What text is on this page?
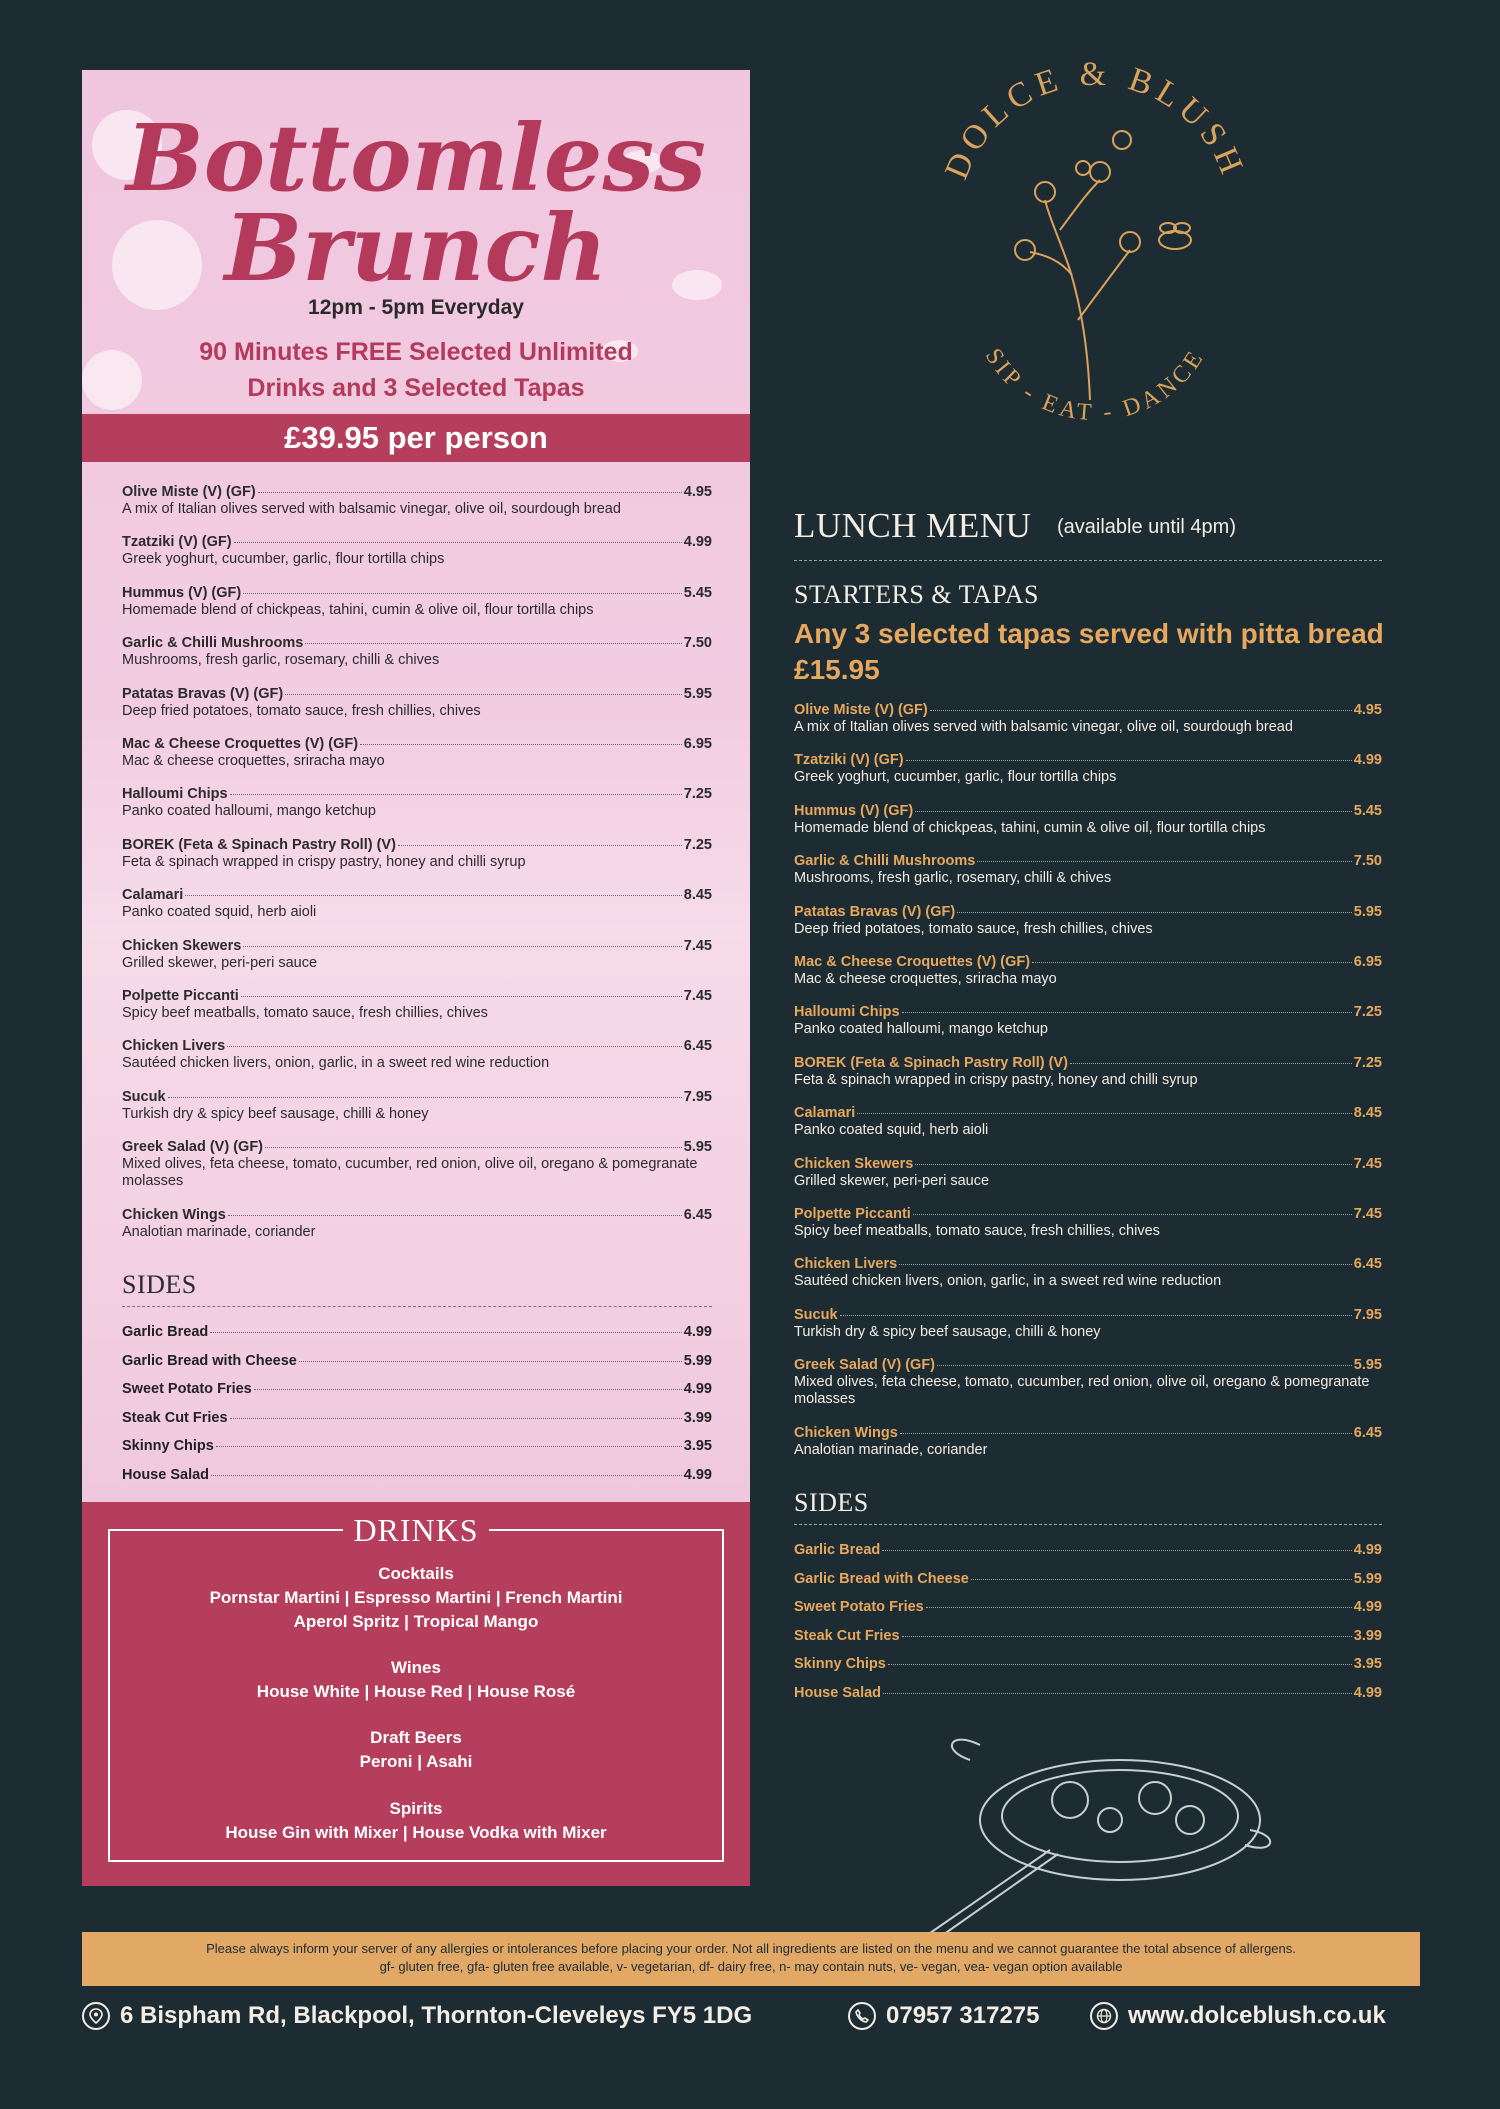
Bottomless
Brunch
12pm - 5pm Everyday
90 Minutes FREE Selected Unlimited
Drinks and 3 Selected Tapas
£39.95 per person
Olive Miste (V) (GF)	4.95
A mix of Italian olives served with balsamic vinegar, olive oil, sourdough bread
Tzatziki (V) (GF)	4.99
Greek yoghurt, cucumber, garlic, flour tortilla chips
Hummus (V) (GF)	5.45
Homemade blend of chickpeas, tahini, cumin & olive oil, flour tortilla chips
Garlic & Chilli Mushrooms	7.50
Mushrooms, fresh garlic, rosemary, chilli & chives
Patatas Bravas (V) (GF)	5.95
Deep fried potatoes, tomato sauce, fresh chillies, chives
Mac & Cheese Croquettes (V) (GF)	6.95
Mac & cheese croquettes, sriracha mayo
Halloumi Chips	7.25
Panko coated halloumi, mango ketchup
BOREK (Feta & Spinach Pastry Roll) (V)	7.25
Feta & spinach wrapped in crispy pastry, honey and chilli syrup
Calamari	8.45
Panko coated squid, herb aioli
Chicken Skewers	7.45
Grilled skewer, peri-peri sauce
Polpette Piccanti	7.45
Spicy beef meatballs, tomato sauce, fresh chillies, chives
Chicken Livers	6.45
Sautéed chicken livers, onion, garlic, in a sweet red wine reduction
Sucuk	7.95
Turkish dry & spicy beef sausage, chilli & honey
Greek Salad (V) (GF)	5.95
Mixed olives, feta cheese, tomato, cucumber, red onion, olive oil, oregano & pomegranate molasses
Chicken Wings	6.45
Analotian marinade, coriander
SIDES
Garlic Bread	4.99
Garlic Bread with Cheese	5.99
Sweet Potato Fries	4.99
Steak Cut Fries	3.99
Skinny Chips	3.95
House Salad	4.99
DRINKS
Cocktails
Pornstar Martini | Espresso Martini | French Martini
Aperol Spritz | Tropical Mango
Wines
House White | House Red | House Rosé
Draft Beers
Peroni | Asahi
Spirits
House Gin with Mixer | House Vodka with Mixer
DOLCE & BLUSH
SIP - EAT - DANCE
LUNCH MENU (available until 4pm)
STARTERS & TAPAS
Any 3 selected tapas served with pitta bread £15.95
Olive Miste (V) (GF)	4.95
A mix of Italian olives served with balsamic vinegar, olive oil, sourdough bread
Tzatziki (V) (GF)	4.99
Greek yoghurt, cucumber, garlic, flour tortilla chips
Hummus (V) (GF)	5.45
Homemade blend of chickpeas, tahini, cumin & olive oil, flour tortilla chips
Garlic & Chilli Mushrooms	7.50
Mushrooms, fresh garlic, rosemary, chilli & chives
Patatas Bravas (V) (GF)	5.95
Deep fried potatoes, tomato sauce, fresh chillies, chives
Mac & Cheese Croquettes (V) (GF)	6.95
Mac & cheese croquettes, sriracha mayo
Halloumi Chips	7.25
Panko coated halloumi, mango ketchup
BOREK (Feta & Spinach Pastry Roll) (V)	7.25
Feta & spinach wrapped in crispy pastry, honey and chilli syrup
Calamari	8.45
Panko coated squid, herb aioli
Chicken Skewers	7.45
Grilled skewer, peri-peri sauce
Polpette Piccanti	7.45
Spicy beef meatballs, tomato sauce, fresh chillies, chives
Chicken Livers	6.45
Sautéed chicken livers, onion, garlic, in a sweet red wine reduction
Sucuk	7.95
Turkish dry & spicy beef sausage, chilli & honey
Greek Salad (V) (GF)	5.95
Mixed olives, feta cheese, tomato, cucumber, red onion, olive oil, oregano & pomegranate molasses
Chicken Wings	6.45
Analotian marinade, coriander
SIDES
Garlic Bread	4.99
Garlic Bread with Cheese	5.99
Sweet Potato Fries	4.99
Steak Cut Fries	3.99
Skinny Chips	3.95
House Salad	4.99
Please always inform your server of any allergies or intolerances before placing your order. Not all ingredients are listed on the menu and we cannot guarantee the total absence of allergens.
gf- gluten free, gfa- gluten free available, v- vegetarian, df- dairy free, n- may contain nuts, ve- vegan, vea- vegan option available
6 Bispham Rd, Blackpool, Thornton-Cleveleys FY5 1DG	07957 317275	www.dolceblush.co.uk
